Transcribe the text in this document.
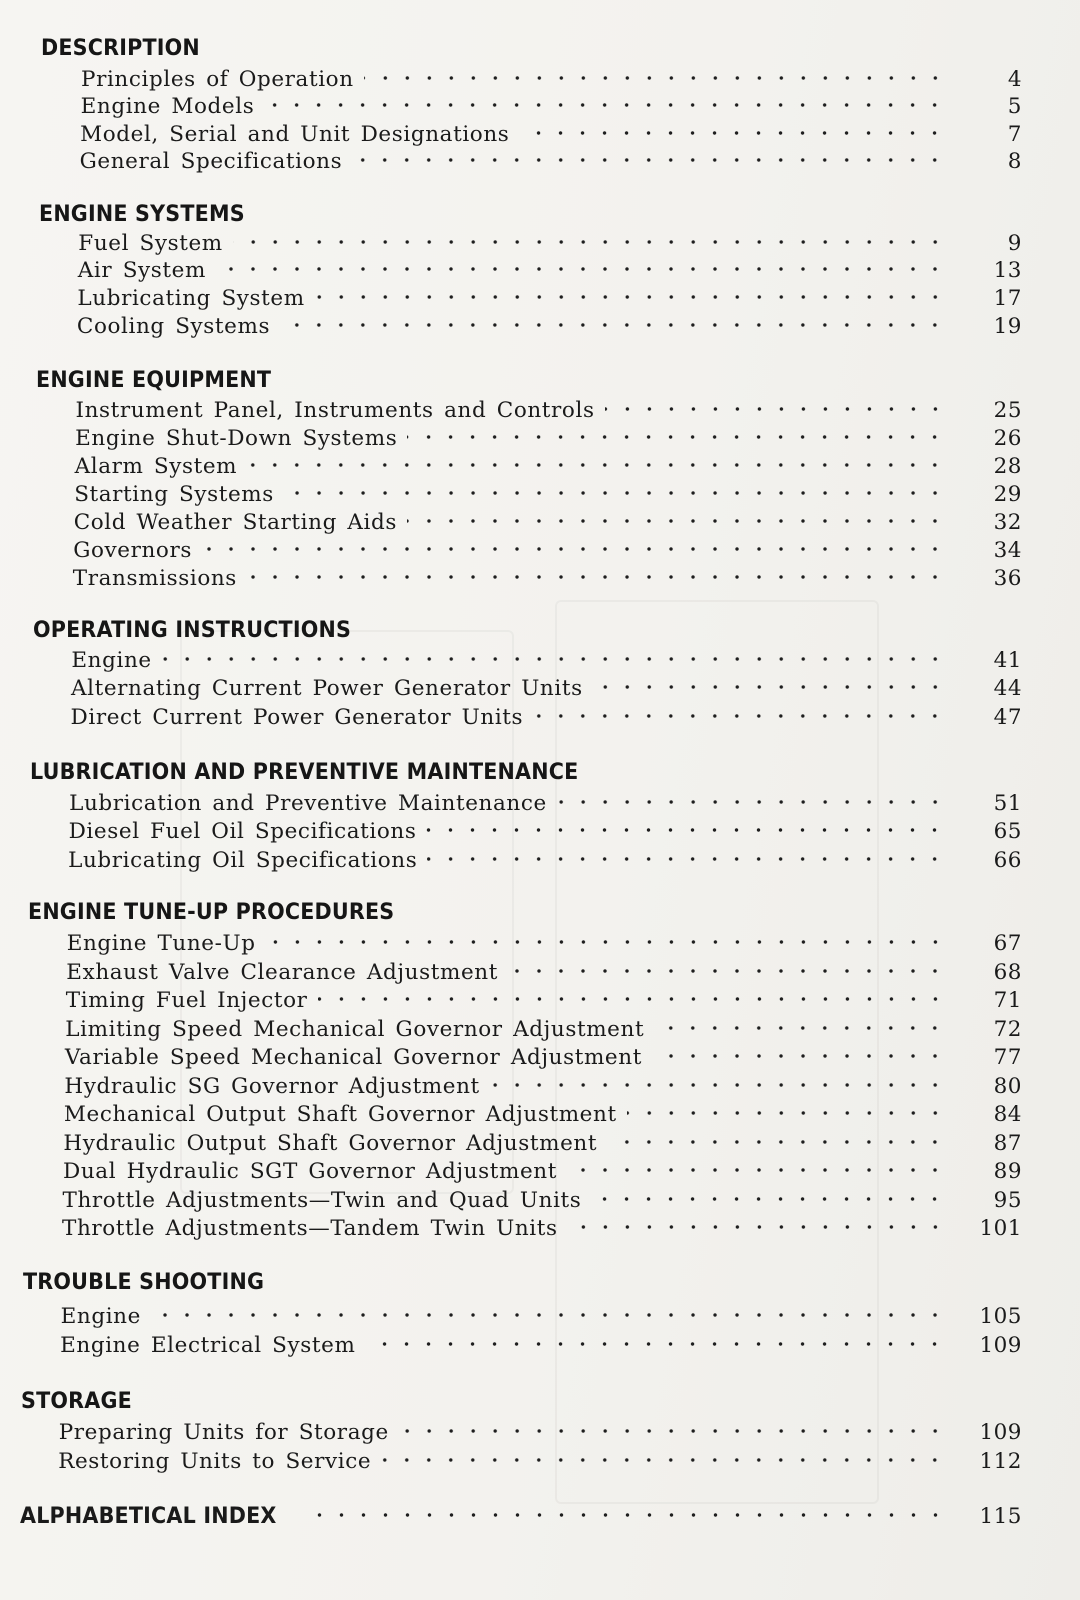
DESCRIPTION
Principles of Operation	4
Engine Models	5
Model, Serial and Unit Designations	7
General Specifications	8
ENGINE SYSTEMS
Fuel System	9
Air System	13
Lubricating System	17
Cooling Systems	19
ENGINE EQUIPMENT
Instrument Panel, Instruments and Controls	25
Engine Shut-Down Systems	26
Alarm System	28
Starting Systems	29
Cold Weather Starting Aids	32
Governors	34
Transmissions	36
OPERATING INSTRUCTIONS
Engine	41
Alternating Current Power Generator Units	44
Direct Current Power Generator Units	47
LUBRICATION AND PREVENTIVE MAINTENANCE
Lubrication and Preventive Maintenance	51
Diesel Fuel Oil Specifications	65
Lubricating Oil Specifications	66
ENGINE TUNE-UP PROCEDURES
Engine Tune-Up	67
Exhaust Valve Clearance Adjustment	68
Timing Fuel Injector	71
Limiting Speed Mechanical Governor Adjustment	72
Variable Speed Mechanical Governor Adjustment	77
Hydraulic SG Governor Adjustment	80
Mechanical Output Shaft Governor Adjustment	84
Hydraulic Output Shaft Governor Adjustment	87
Dual Hydraulic SGT Governor Adjustment	89
Throttle Adjustments—Twin and Quad Units	95
Throttle Adjustments—Tandem Twin Units	101
TROUBLE SHOOTING
Engine	105
Engine Electrical System	109
STORAGE
Preparing Units for Storage	109
Restoring Units to Service	112
ALPHABETICAL INDEX	115
